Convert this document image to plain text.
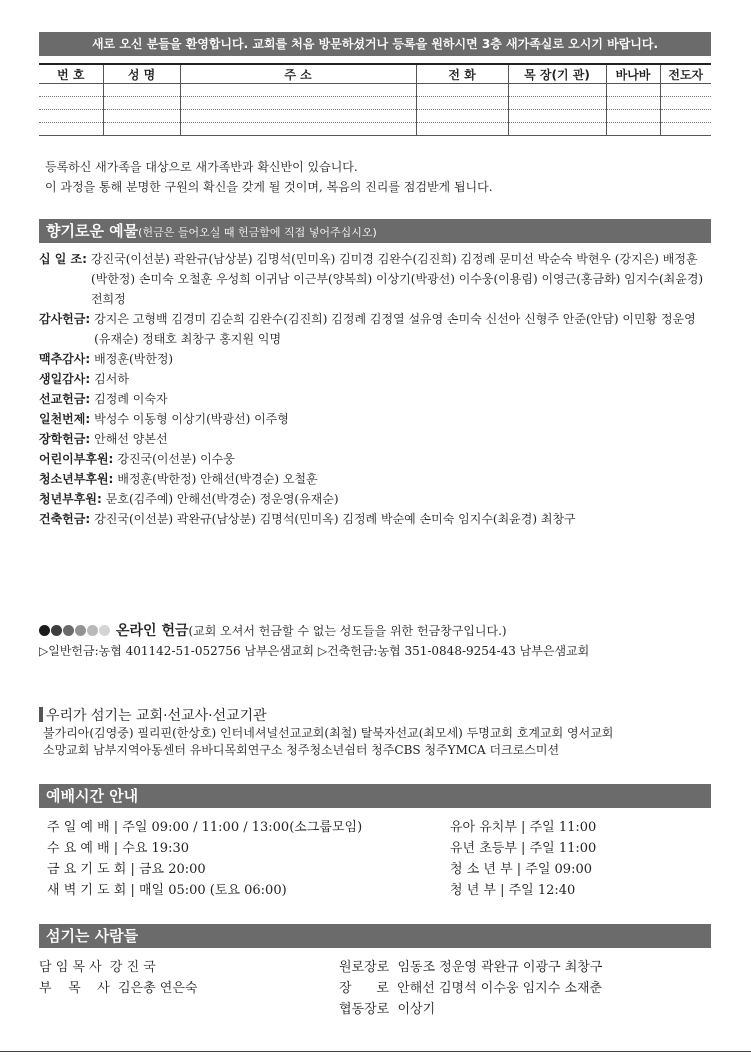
새로 오신 분들을 환영합니다. 교회를 처음 방문하셨거나 등록을 원하시면 3층 새가족실로 오시기 바랍니다.
번 호	성 명	주 소	전 화	목 장(기 관)	바나바	전도자

등록하신 새가족을 대상으로 새가족반과 확신반이 있습니다.
이 과정을 통해 분명한 구원의 확신을 갖게 될 것이며, 복음의 진리를 점검받게 됩니다.
향기로운 예물(헌금은 들어오실 때 헌금함에 직접 넣어주십시오)
십 일 조: 강진국(이선분) 곽완규(남상분) 김명석(민미옥) 김미경 김완수(김진희) 김정례 문미선 박순숙 박현우 (강지은) 배정훈(박한정) 손미숙 오철훈 우성희 이귀남 이근부(양복희) 이상기(박광선) 이수웅(이용림) 이영근(홍금화) 임지수(최윤경) 전희정
감사헌금: 강지은 고형백 김경미 김순희 김완수(김진희) 김정례 김정열 설유영 손미숙 신선아 신형주 안준(안담) 이민황 정운영(유재순) 정태호 최창구 홍지원 익명
맥추감사: 배정훈(박한정)
생일감사: 김서하
선교헌금: 김정례 이숙자
일천번제: 박성수 이동형 이상기(박광선) 이주형
장학헌금: 안해선 양본선
어린이부후원: 강진국(이선분) 이수웅
청소년부후원: 배정훈(박한정) 안해선(박경순) 오철훈
청년부후원: 문호(김주예) 안해선(박경순) 정운영(유재순)
건축헌금: 강진국(이선분) 곽완규(남상분) 김명석(민미옥) 김정례 박순예 손미숙 임지수(최윤경) 최창구
온라인 헌금(교회 오셔서 헌금할 수 없는 성도들을 위한 헌금창구입니다.)
▷일반헌금:농협 401142-51-052756 남부은샘교회 ▷건축헌금:농협 351-0848-9254-43 남부은샘교회
우리가 섬기는 교회·선교사·선교기관
불가리아(김영중) 필리핀(한상호) 인터네셔널선교교회(최철) 탈북자선교(최모세) 두명교회 호계교회 영서교회
소망교회 남부지역아동센터 유바디목회연구소 청주청소년쉼터 청주CBS 청주YMCA 더크로스미션
예배시간 안내
주 일 예 배 | 주일 09:00 / 11:00 / 13:00(소그룹모임)	유아 유치부 | 주일 11:00
수 요 예 배 | 수요 19:30	유년 초등부 | 주일 11:00
금 요 기 도 회 | 금요 20:00	청 소 년 부 | 주일 09:00
새 벽 기 도 회 | 매일 05:00 (토요 06:00)	청 년 부 | 주일 12:40
섬기는 사람들
담 임 목 사  강 진 국
부    목    사  김은총 연은숙
원로장로  임동조 정운영 곽완규 이광구 최창구
장      로  안해선 김명석 이수웅 임지수 소재춘
협동장로  이상기
